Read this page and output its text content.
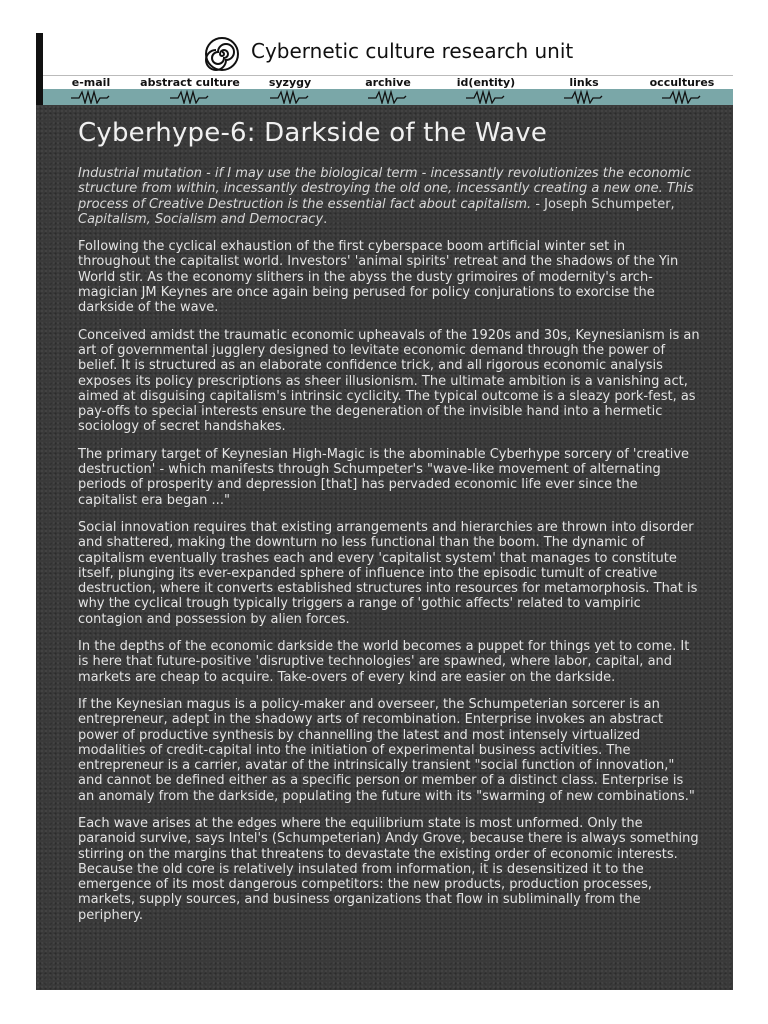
Cybernetic culture research unit
e-mail	abstract culture	syzygy	archive	id(entity)	links	occultures
Cyberhype-6: Darkside of the Wave

Industrial mutation - if I may use the biological term - incessantly revolutionizes the economic structure from within, incessantly destroying the old one, incessantly creating a new one. This process of Creative Destruction is the essential fact about capitalism. - Joseph Schumpeter, Capitalism, Socialism and Democracy.

Following the cyclical exhaustion of the first cyberspace boom artificial winter set in throughout the capitalist world. Investors' 'animal spirits' retreat and the shadows of the Yin World stir. As the economy slithers in the abyss the dusty grimoires of modernity's arch-magician JM Keynes are once again being perused for policy conjurations to exorcise the darkside of the wave.

Conceived amidst the traumatic economic upheavals of the 1920s and 30s, Keynesianism is an art of governmental jugglery designed to levitate economic demand through the power of belief. It is structured as an elaborate confidence trick, and all rigorous economic analysis exposes its policy prescriptions as sheer illusionism. The ultimate ambition is a vanishing act, aimed at disguising capitalism's intrinsic cyclicity. The typical outcome is a sleazy pork-fest, as pay-offs to special interests ensure the degeneration of the invisible hand into a hermetic sociology of secret handshakes.

The primary target of Keynesian High-Magic is the abominable Cyberhype sorcery of 'creative destruction' - which manifests through Schumpeter's "wave-like movement of alternating periods of prosperity and depression [that] has pervaded economic life ever since the capitalist era began ..."

Social innovation requires that existing arrangements and hierarchies are thrown into disorder and shattered, making the downturn no less functional than the boom. The dynamic of capitalism eventually trashes each and every 'capitalist system' that manages to constitute itself, plunging its ever-expanded sphere of influence into the episodic tumult of creative destruction, where it converts established structures into resources for metamorphosis. That is why the cyclical trough typically triggers a range of 'gothic affects' related to vampiric contagion and possession by alien forces.

In the depths of the economic darkside the world becomes a puppet for things yet to come. It is here that future-positive 'disruptive technologies' are spawned, where labor, capital, and markets are cheap to acquire. Take-overs of every kind are easier on the darkside.

If the Keynesian magus is a policy-maker and overseer, the Schumpeterian sorcerer is an entrepreneur, adept in the shadowy arts of recombination. Enterprise invokes an abstract power of productive synthesis by channelling the latest and most intensely virtualized modalities of credit-capital into the initiation of experimental business activities. The entrepreneur is a carrier, avatar of the intrinsically transient "social function of innovation," and cannot be defined either as a specific person or member of a distinct class. Enterprise is an anomaly from the darkside, populating the future with its "swarming of new combinations."

Each wave arises at the edges where the equilibrium state is most unformed. Only the paranoid survive, says Intel's (Schumpeterian) Andy Grove, because there is always something stirring on the margins that threatens to devastate the existing order of economic interests. Because the old core is relatively insulated from information, it is desensitized it to the emergence of its most dangerous competitors: the new products, production processes, markets, supply sources, and business organizations that flow in subliminally from the periphery.
